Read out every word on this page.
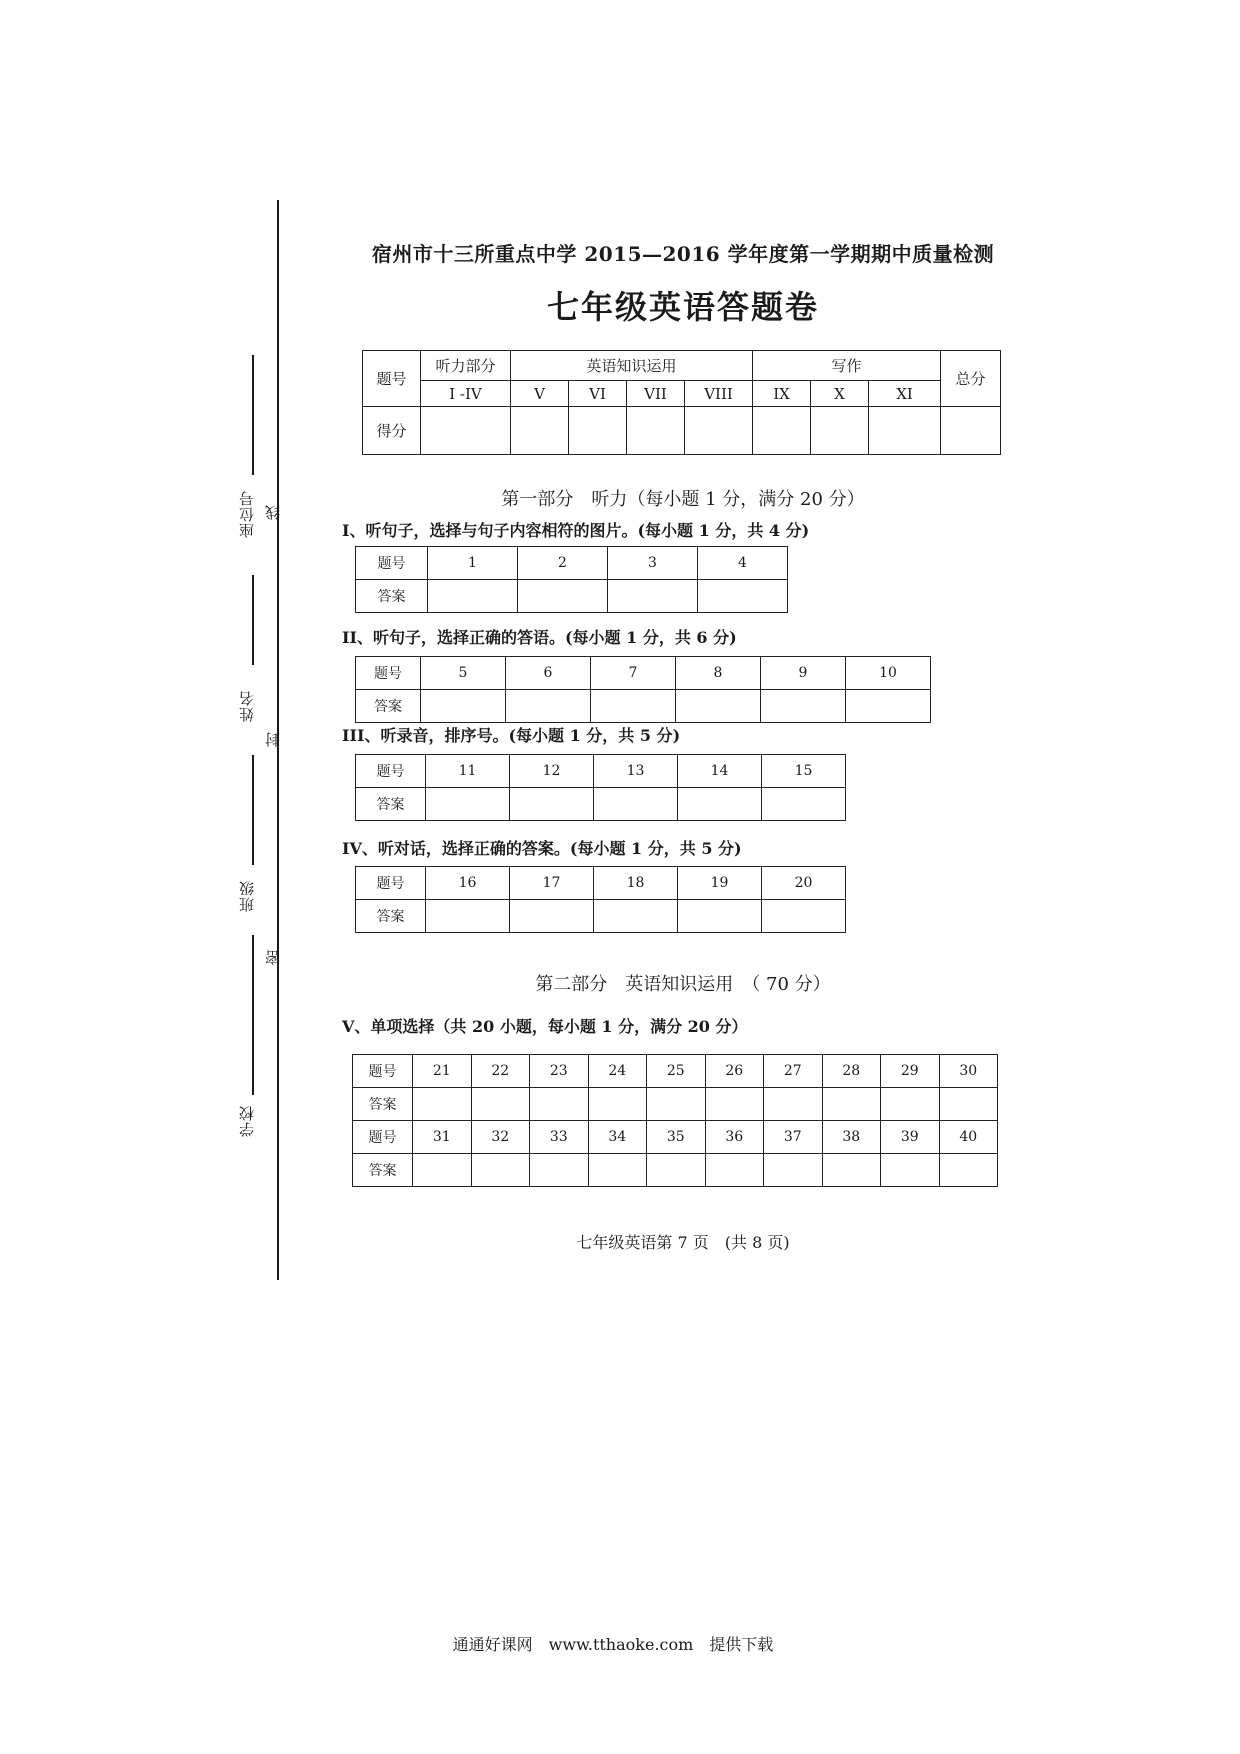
座位号 线
姓名
封
班级
密
学校
宿州市十三所重点中学 2015—2016 学年度第一学期期中质量检测
七年级英语答题卷
题号	听力部分	英语知识运用				写作			总分
	I -IV	V	VI	VII	VIII	IX	X	XI	
得分									
第一部分　听力（每小题 1 分，满分 20 分）
I、听句子，选择与句子内容相符的图片。(每小题 1 分，共 4 分)
题号	1	2	3	4
答案				
II、听句子，选择正确的答语。(每小题 1 分，共 6 分)
题号	5	6	7	8	9	10
答案						
III、听录音，排序号。(每小题 1 分，共 5 分)
题号	11	12	13	14	15
答案					
IV、听对话，选择正确的答案。(每小题 1 分，共 5 分)
题号	16	17	18	19	20
答案					
第二部分　英语知识运用　（ 70 分）
V、单项选择（共 20 小题，每小题 1 分，满分 20 分）
题号	21	22	23	24	25	26	27	28	29	30
答案										
题号	31	32	33	34	35	36	37	38	39	40
答案										
七年级英语第 7 页　(共 8 页)
通通好课网　www.tthaoke.com　提供下载
